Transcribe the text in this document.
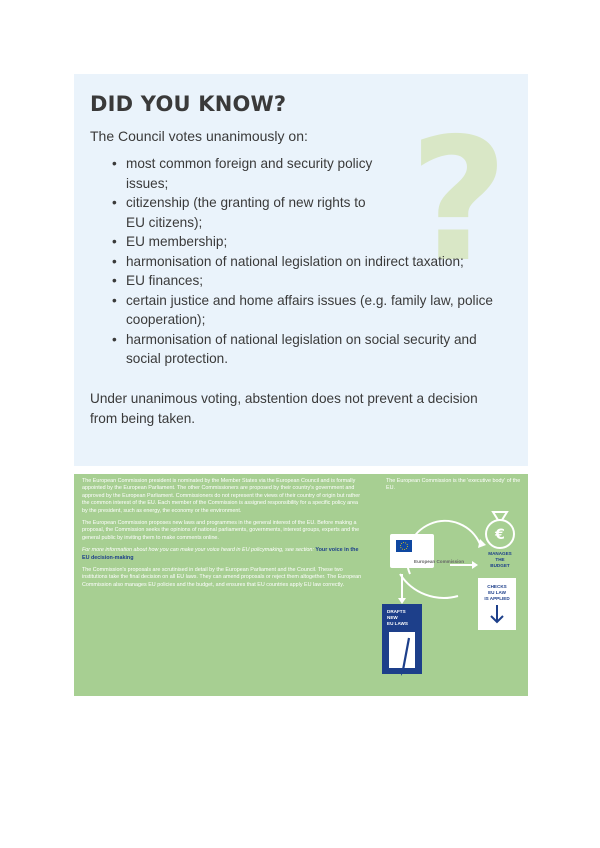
?
DID YOU KNOW?

The Council votes unanimously on:

• most common foreign and security policy issues;
• citizenship (the granting of new rights to EU citizens);
• EU membership;
• harmonisation of national legislation on indirect taxation;
• EU finances;
• certain justice and home affairs issues (e.g. family law, police cooperation);
• harmonisation of national legislation on social security and social protection.

Under unanimous voting, abstention does not prevent a decision from being taken.

The European Commission president is nominated by the Member States via the European Council and is formally appointed by the European Parliament. The other Commissioners are proposed by their country's government and approved by the European Parliament. Commissioners do not represent the views of their country of origin but rather the common interest of the EU. Each member of the Commission is assigned responsibility for a specific policy area by the president, such as energy, the economy or the environment.

The European Commission proposes new laws and programmes in the general interest of the EU. Before making a proposal, the Commission seeks the opinions of national parliaments, governments, interest groups, experts and the general public by inviting them to make comments online.

For more information about how you can make your voice heard in EU policymaking, see section: Your voice in the EU decision-making

The Commission's proposals are scrutinised in detail by the European Parliament and the Council. These two institutions take the final decision on all EU laws. They can amend proposals or reject them altogether. The European Commission also manages EU policies and the budget, and ensures that EU countries apply EU law correctly.

The European Commission is the 'executive body' of the EU.

European Commission
€
MANAGES
THE
BUDGET
CHECKS
EU LAW
IS APPLIED
DRAFTS
NEW
EU LAWS
